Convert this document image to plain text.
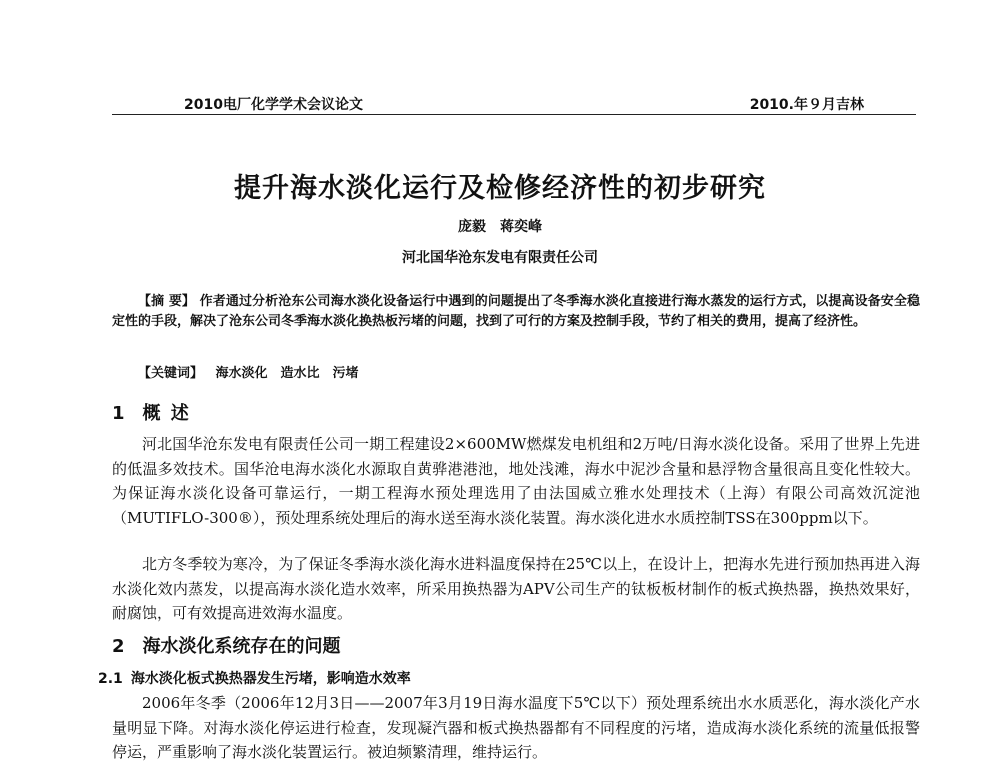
2010电厂化学学术会议论文	2010.年９月吉林
提升海水淡化运行及检修经济性的初步研究
庞毅　蒋奕峰
河北国华沧东发电有限责任公司

【摘 要】 作者通过分析沧东公司海水淡化设备运行中遇到的问题提出了冬季海水淡化直接进行海水蒸发的运行方式，以提高设备安全稳定性的手段，解决了沧东公司冬季海水淡化换热板污堵的问题，找到了可行的方案及控制手段，节约了相关的费用，提高了经济性。

【关键词】 海水淡化　造水比　污堵
1 概 述

河北国华沧东发电有限责任公司一期工程建设2×600MW燃煤发电机组和2万吨/日海水淡化设备。采用了世界上先进的低温多效技术。国华沧电海水淡化水源取自黄骅港港池，地处浅滩，海水中泥沙含量和悬浮物含量很高且变化性较大。为保证海水淡化设备可靠运行，一期工程海水预处理选用了由法国威立雅水处理技术（上海）有限公司高效沉淀池（MUTIFLO-300®），预处理系统处理后的海水送至海水淡化装置。海水淡化进水水质控制TSS在300ppm以下。

北方冬季较为寒冷，为了保证冬季海水淡化海水进料温度保持在25℃以上，在设计上，把海水先进行预加热再进入海水淡化效内蒸发，以提高海水淡化造水效率，所采用换热器为APV公司生产的钛板板材制作的板式换热器，换热效果好，耐腐蚀，可有效提高进效海水温度。

2 海水淡化系统存在的问题
2.1 海水淡化板式换热器发生污堵，影响造水效率

2006年冬季（2006年12月3日——2007年3月19日海水温度下5℃以下）预处理系统出水水质恶化，海水淡化产水量明显下降。对海水淡化停运进行检查，发现凝汽器和板式换热器都有不同程度的污堵，造成海水淡化系统的流量低报警停运，严重影响了海水淡化装置运行。被迫频繁清理，维持运行。
